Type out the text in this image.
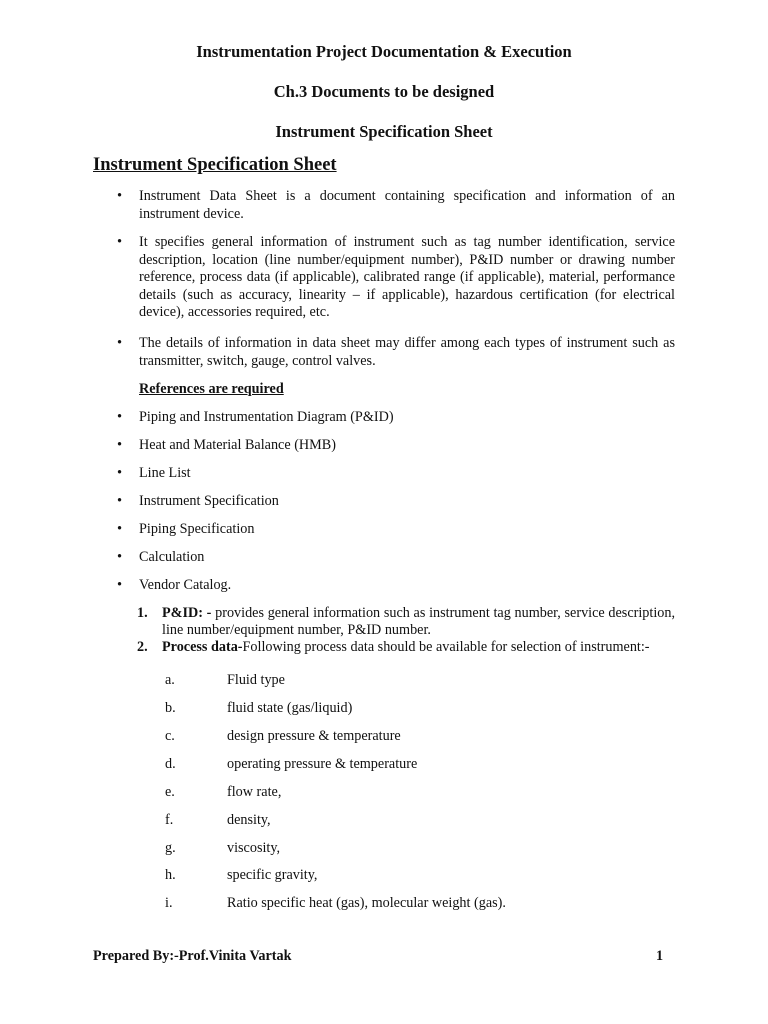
Instrumentation Project Documentation & Execution
Ch.3 Documents to be designed
Instrument Specification Sheet
Instrument Specification Sheet
• Instrument Data Sheet is a document containing specification and information of an instrument device.
• It specifies general information of instrument such as tag number identification, service description, location (line number/equipment number), P&ID number or drawing number reference, process data (if applicable), calibrated range (if applicable), material, performance details (such as accuracy, linearity – if applicable), hazardous certification (for electrical device), accessories required, etc.
• The details of information in data sheet may differ among each types of instrument such as transmitter, switch, gauge, control valves.
References are required
• Piping and Instrumentation Diagram (P&ID)
• Heat and Material Balance (HMB)
• Line List
• Instrument Specification
• Piping Specification
• Calculation
• Vendor Catalog.
1. P&ID: - provides general information such as instrument tag number, service description, line number/equipment number, P&ID number.
2. Process data-Following process data should be available for selection of instrument:-
a.	Fluid type
b.	fluid state (gas/liquid)
c.	design pressure & temperature
d.	operating pressure & temperature
e.	flow rate,
f.	density,
g.	viscosity,
h.	specific gravity,
i.	Ratio specific heat (gas), molecular weight (gas).
Prepared By:-Prof.Vinita Vartak	1
